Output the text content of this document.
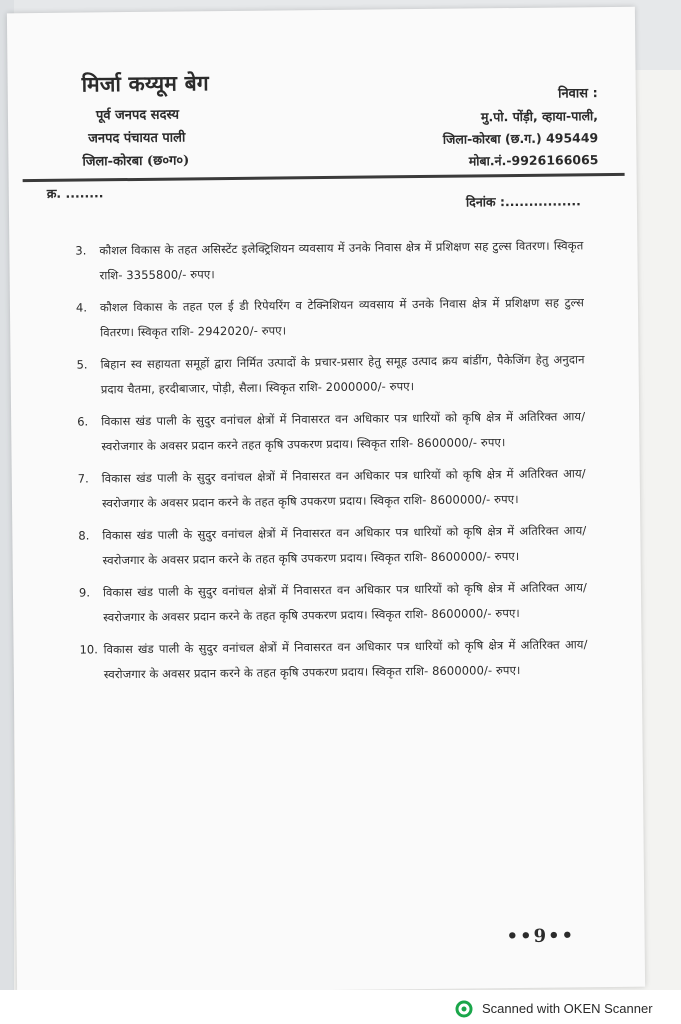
मिर्जा कय्यूम बेग
पूर्व जनपद सदस्य
जनपद पंचायत पाली
जिला-कोरबा (छ०ग०)
निवास :
मु.पो. पोंड़ी, व्हाया-पाली,
जिला-कोरबा (छ.ग.) 495449
मोबा.नं.-9926166065
क्र. ........
दिनांक :................
3.	कौशल विकास के तहत असिस्टेंट इलेक्ट्रिशियन व्यवसाय में उनके निवास क्षेत्र में प्रशिक्षण सह टुल्स वितरण। स्विकृत राशि- 3355800/- रुपए।
4.	कौशल विकास के तहत एल ई डी रिपेयरिंग व टेक्निशियन व्यवसाय में उनके निवास क्षेत्र में प्रशिक्षण सह टुल्स वितरण। स्विकृत राशि- 2942020/- रुपए।
5.	बिहान स्व सहायता समूहों द्वारा निर्मित उत्पादों के प्रचार-प्रसार हेतु समूह उत्पाद क्रय बांडींग, पैकेजिंग हेतु अनुदान प्रदाय चैतमा, हरदीबाजार, पोड़ी, सैला। स्विकृत राशि- 2000000/- रुपए।
6.	विकास खंड पाली के सुदुर वनांचल क्षेत्रों में निवासरत वन अधिकार पत्र धारियों को कृषि क्षेत्र में अतिरिक्त आय/ स्वरोजगार के अवसर प्रदान करने तहत कृषि उपकरण प्रदाय। स्विकृत राशि- 8600000/- रुपए।
7.	विकास खंड पाली के सुदुर वनांचल क्षेत्रों में निवासरत वन अधिकार पत्र धारियों को कृषि क्षेत्र में अतिरिक्त आय/स्वरोजगार के अवसर प्रदान करने के तहत कृषि उपकरण प्रदाय। स्विकृत राशि- 8600000/- रुपए।
8.	विकास खंड पाली के सुदुर वनांचल क्षेत्रों में निवासरत वन अधिकार पत्र धारियों को कृषि क्षेत्र में अतिरिक्त आय/स्वरोजगार के अवसर प्रदान करने के तहत कृषि उपकरण प्रदाय। स्विकृत राशि- 8600000/- रुपए।
9.	विकास खंड पाली के सुदुर वनांचल क्षेत्रों में निवासरत वन अधिकार पत्र धारियों को कृषि क्षेत्र में अतिरिक्त आय/स्वरोजगार के अवसर प्रदान करने के तहत कृषि उपकरण प्रदाय। स्विकृत राशि- 8600000/- रुपए।
10. विकास खंड पाली के सुदुर वनांचल क्षेत्रों में निवासरत वन अधिकार पत्र धारियों को कृषि क्षेत्र में अतिरिक्त आय/स्वरोजगार के अवसर प्रदान करने के तहत कृषि उपकरण प्रदाय। स्विकृत राशि- 8600000/- रुपए।
••9••
Scanned with OKEN Scanner
